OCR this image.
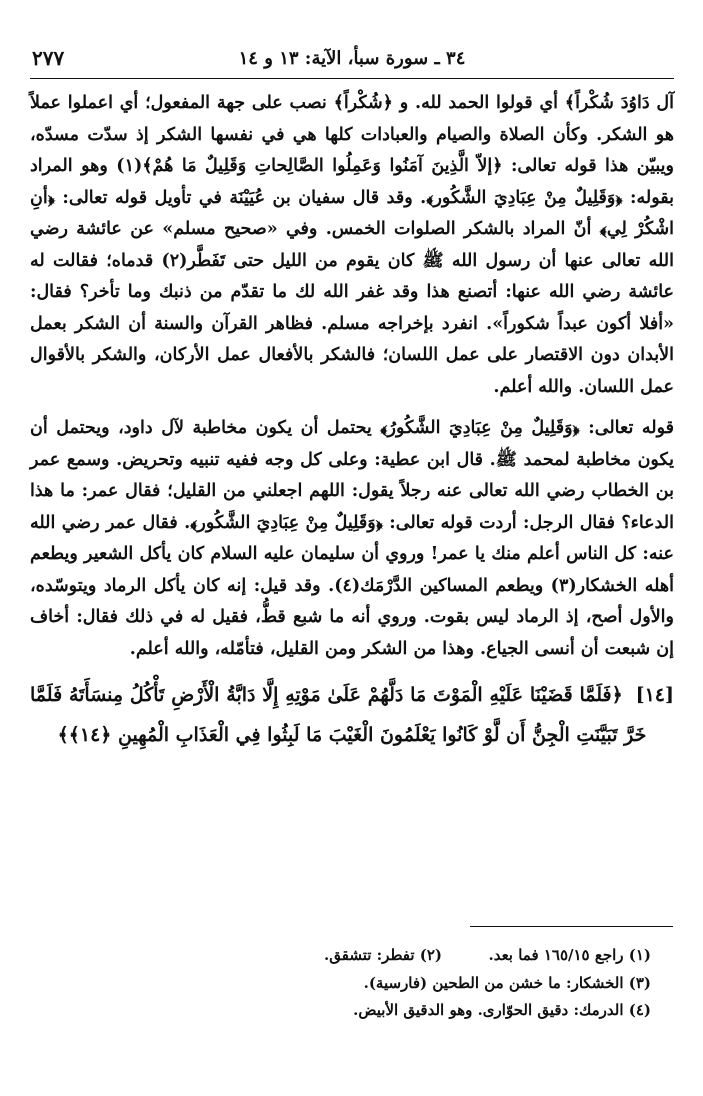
٢٧٧	٣٤ ـ سورة سبأ، الآية: ١٣ و ١٤

آل دَاوُدَ شُكْراً﴾ أي قولوا الحمد لله. و ﴿شُكْراً﴾ نصب على جهة المفعول؛ أي اعملوا عملاً هو الشكر. وكأن الصلاة والصيام والعبادات كلها هي في نفسها الشكر إذ سدّت مسدّه، ويبيّن هذا قوله تعالى: ﴿إلاّ الَّذِينَ آمَنُوا وَعَمِلُوا الصَّالِحاتِ وَقَلِيلٌ مَا هُمْ﴾(١) وهو المراد بقوله: ﴿وَقَلِيلٌ مِنْ عِبَادِيَ الشَّكُور﴾. وقد قال سفيان بن عُيَيْنَة في تأويل قوله تعالى: ﴿أنِ اشْكُرْ لِي﴾ أنّ المراد بالشكر الصلوات الخمس. وفي «صحيح مسلم» عن عائشة رضي الله تعالى عنها أن رسول الله ﷺ كان يقوم من الليل حتى تَفَطَّر(٢) قدماه؛ فقالت له عائشة رضي الله عنها: أتصنع هذا وقد غفر الله لك ما تقدّم من ذنبك وما تأخر؟ فقال: «أفلا أكون عبداً شكوراً». انفرد بإخراجه مسلم. فظاهر القرآن والسنة أن الشكر بعمل الأبدان دون الاقتصار على عمل اللسان؛ فالشكر بالأفعال عمل الأركان، والشكر بالأقوال عمل اللسان. والله أعلم.

قوله تعالى: ﴿وَقَلِيلٌ مِنْ عِبَادِيَ الشَّكُورُ﴾ يحتمل أن يكون مخاطبة لآل داود، ويحتمل أن يكون مخاطبة لمحمد ﷺ. قال ابن عطية: وعلى كل وجه ففيه تنبيه وتحريض. وسمع عمر بن الخطاب رضي الله تعالى عنه رجلاً يقول: اللهم اجعلني من القليل؛ فقال عمر: ما هذا الدعاء؟ فقال الرجل: أردت قوله تعالى: ﴿وَقَلِيلٌ مِنْ عِبَادِيَ الشَّكُور﴾. فقال عمر رضي الله عنه: كل الناس أعلم منك يا عمر! وروي أن سليمان عليه السلام كان يأكل الشعير ويطعم أهله الخشكار(٣) ويطعم المساكين الدَّرْمَك(٤). وقد قيل: إنه كان يأكل الرماد ويتوسّده، والأول أصح، إذ الرماد ليس بقوت. وروي أنه ما شبع قطُّ، فقيل له في ذلك فقال: أخاف إن شبعت أن أنسى الجياع. وهذا من الشكر ومن القليل، فتأمّله، والله أعلم.

[١٤] ﴿فَلَمَّا قَضَيْنَا عَلَيْهِ الْمَوْتَ مَا دَلَّهُمْ عَلَىٰ مَوْتِهِ إِلَّا دَابَّةُ الْأَرْضِ تَأْكُلُ مِنسَأَتَهُ فَلَمَّا خَرَّ تَبَيَّنَتِ الْجِنُّ أَن لَّوْ كَانُوا يَعْلَمُونَ الْغَيْبَ مَا لَبِثُوا فِي الْعَذَابِ الْمُهِينِ ﴿١٤﴾﴾
(١) راجع ١٦٥/١٥ فما بعد.  (٢) تفطر: تتشقق.
(٣) الخشكار: ما خشن من الطحين (فارسية).
(٤) الدرمك: دقيق الحوّارى. وهو الدقيق الأبيض.
